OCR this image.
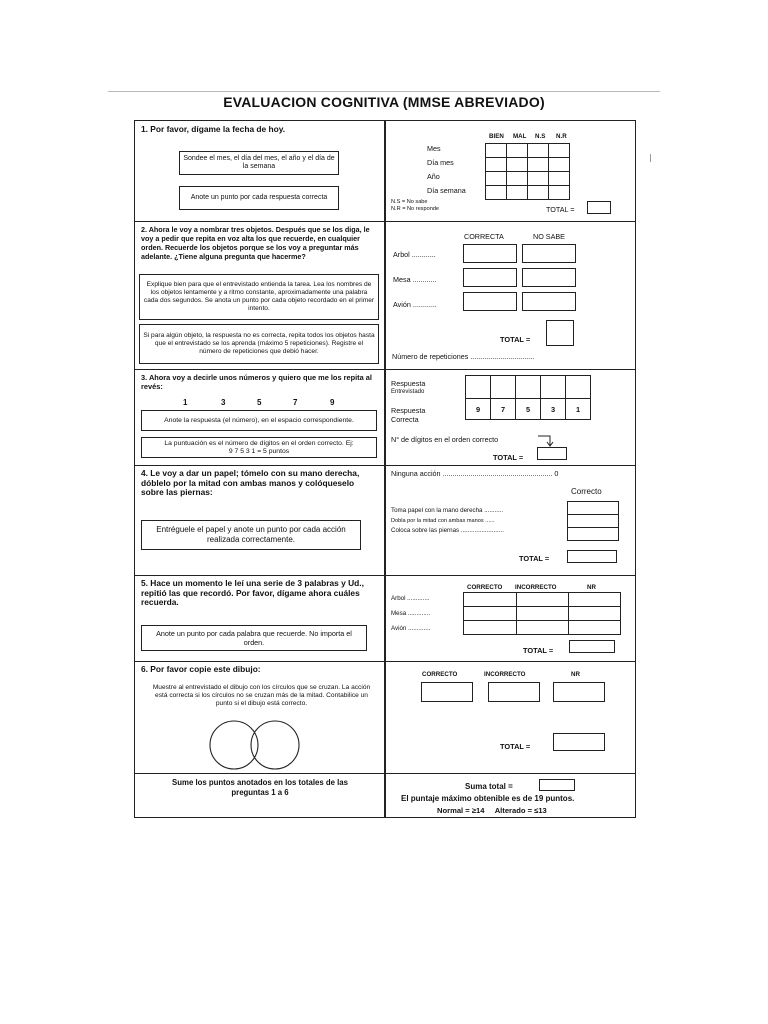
EVALUACION COGNITIVA (MMSE ABREVIADO)
1. Por favor, dígame la fecha de hoy.
Sondee el mes, el día del mes, el año y el día de la semana
Anote un punto por cada respuesta correcta
BIEN MAL N.S N.R
Mes
Día mes
Año
Día semana

N.S = No sabe
N.R = No responde	TOTAL =
2. Ahora le voy a nombrar tres objetos. Después que se los diga, le voy a pedir que repita en voz alta los que recuerde, en cualquier orden. Recuerde los objetos porque se los voy a preguntar más adelante. ¿Tiene alguna pregunta que hacerme?
Explique bien para que el entrevistado entienda la tarea. Lea los nombres de los objetos lentamente y a ritmo constante, aproximadamente una palabra cada dos segundos. Se anota un punto por cada objeto recordado en el primer intento.
Si para algún objeto, la respuesta no es correcta, repita todos los objetos hasta que el entrevistado se los aprenda (máximo 5 repeticiones). Registre el número de repeticiones que debió hacer.
CORRECTA	NO SABE
Arbol ............
Mesa ............
Avión ............
TOTAL =
Número de repeticiones ................................
3. Ahora voy a decirle unos números y quiero que me los repita al revés:
1	3	5	7	9
Anote la respuesta (el número), en el espacio correspondiente.
La puntuación es el número de dígitos en el orden correcto. Ej: 9 7 5 3 1 = 5 puntos
Respuesta
Entrevistado
Respuesta
Correcta

9	7	5	3	1
N° de dígitos en el orden correcto
TOTAL =
4. Le voy a dar un papel; tómelo con su mano derecha, dóblelo por la mitad con ambas manos y colóqueselo sobre las piernas:
Entréguele el papel y anote un punto por cada acción realizada correctamente.
Ninguna acción ....................................................... 0
Correcto
Toma papel con la mano derecha ...........
Dobla por la mitad con ambas manos ......
Coloca sobre las piernas .........................

TOTAL =
5. Hace un momento le leí una serie de 3 palabras y Ud., repitió las que recordó. Por favor, dígame ahora cuáles recuerda.
Anote un punto por cada palabra que recuerde. No importa el orden.
CORRECTO INCORRECTO	NR
Arbol .............
Mesa .............
Avión .............

TOTAL =
6. Por favor copie este dibujo:
Muestre al entrevistado el dibujo con los círculos que se cruzan. La acción está correcta si los círculos no se cruzan más de la mitad. Contabilice un punto si el dibujo está correcto.
CORRECTO	INCORRECTO	NR
TOTAL =
Sume los puntos anotados en los totales de las preguntas 1 a 6
Suma total =
El puntaje máximo obtenible es de 19 puntos.
Normal = ≥14     Alterado = ≤13
